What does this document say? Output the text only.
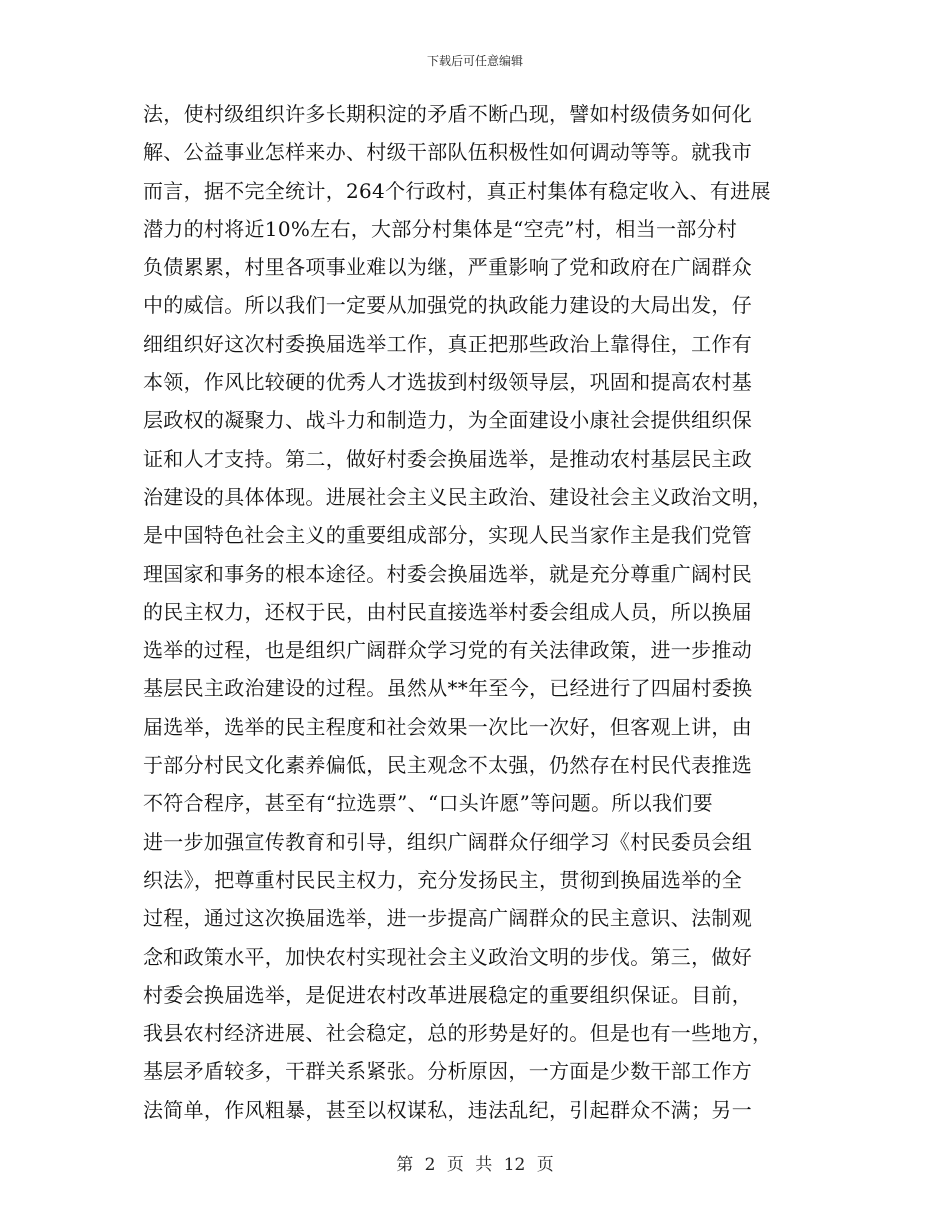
下载后可任意编辑
法，使村级组织许多长期积淀的矛盾不断凸现，譬如村级债务如何化
解、公益事业怎样来办、村级干部队伍积极性如何调动等等。就我市
而言，据不完全统计，264个行政村，真正村集体有稳定收入、有进展
潜力的村将近10%左右，大部分村集体是“空壳”村，相当一部分村
负债累累，村里各项事业难以为继，严重影响了党和政府在广阔群众
中的威信。所以我们一定要从加强党的执政能力建设的大局出发，仔
细组织好这次村委换届选举工作，真正把那些政治上靠得住，工作有
本领，作风比较硬的优秀人才选拔到村级领导层，巩固和提高农村基
层政权的凝聚力、战斗力和制造力，为全面建设小康社会提供组织保
证和人才支持。第二，做好村委会换届选举，是推动农村基层民主政
治建设的具体体现。进展社会主义民主政治、建设社会主义政治文明，
是中国特色社会主义的重要组成部分，实现人民当家作主是我们党管
理国家和事务的根本途径。村委会换届选举，就是充分尊重广阔村民
的民主权力，还权于民，由村民直接选举村委会组成人员，所以换届
选举的过程，也是组织广阔群众学习党的有关法律政策，进一步推动
基层民主政治建设的过程。虽然从**年至今，已经进行了四届村委换
届选举，选举的民主程度和社会效果一次比一次好，但客观上讲，由
于部分村民文化素养偏低，民主观念不太强，仍然存在村民代表推选
不符合程序，甚至有“拉选票”、“口头许愿”等问题。所以我们要
进一步加强宣传教育和引导，组织广阔群众仔细学习《村民委员会组
织法》，把尊重村民民主权力，充分发扬民主，贯彻到换届选举的全
过程，通过这次换届选举，进一步提高广阔群众的民主意识、法制观
念和政策水平，加快农村实现社会主义政治文明的步伐。第三，做好
村委会换届选举，是促进农村改革进展稳定的重要组织保证。目前，
我县农村经济进展、社会稳定，总的形势是好的。但是也有一些地方，
基层矛盾较多，干群关系紧张。分析原因，一方面是少数干部工作方
法简单，作风粗暴，甚至以权谋私，违法乱纪，引起群众不满；另一
第 2 页 共 12 页
